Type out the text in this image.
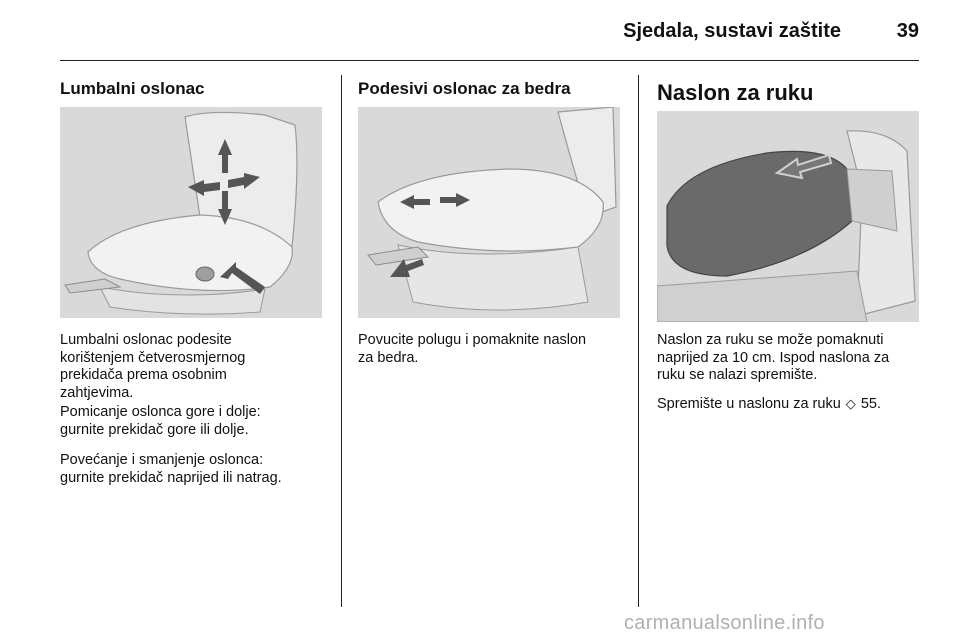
Sjedala, sustavi zaštite	39
Lumbalni oslonac

Lumbalni oslonac podesite
korištenjem četverosmjernog
prekidača prema osobnim
zahtjevima.

Pomicanje oslonca gore i dolje:
gurnite prekidač gore ili dolje.

Povećanje i smanjenje oslonca:
gurnite prekidač naprijed ili natrag.

Podesivi oslonac za bedra

Povucite polugu i pomaknite naslon
za bedra.

Naslon za ruku

Naslon za ruku se može pomaknuti
naprijed za 10 cm. Ispod naslona za
ruku se nalazi spremište.

Spremište u naslonu za ruku ◇ 55.

carmanualsonline.info
